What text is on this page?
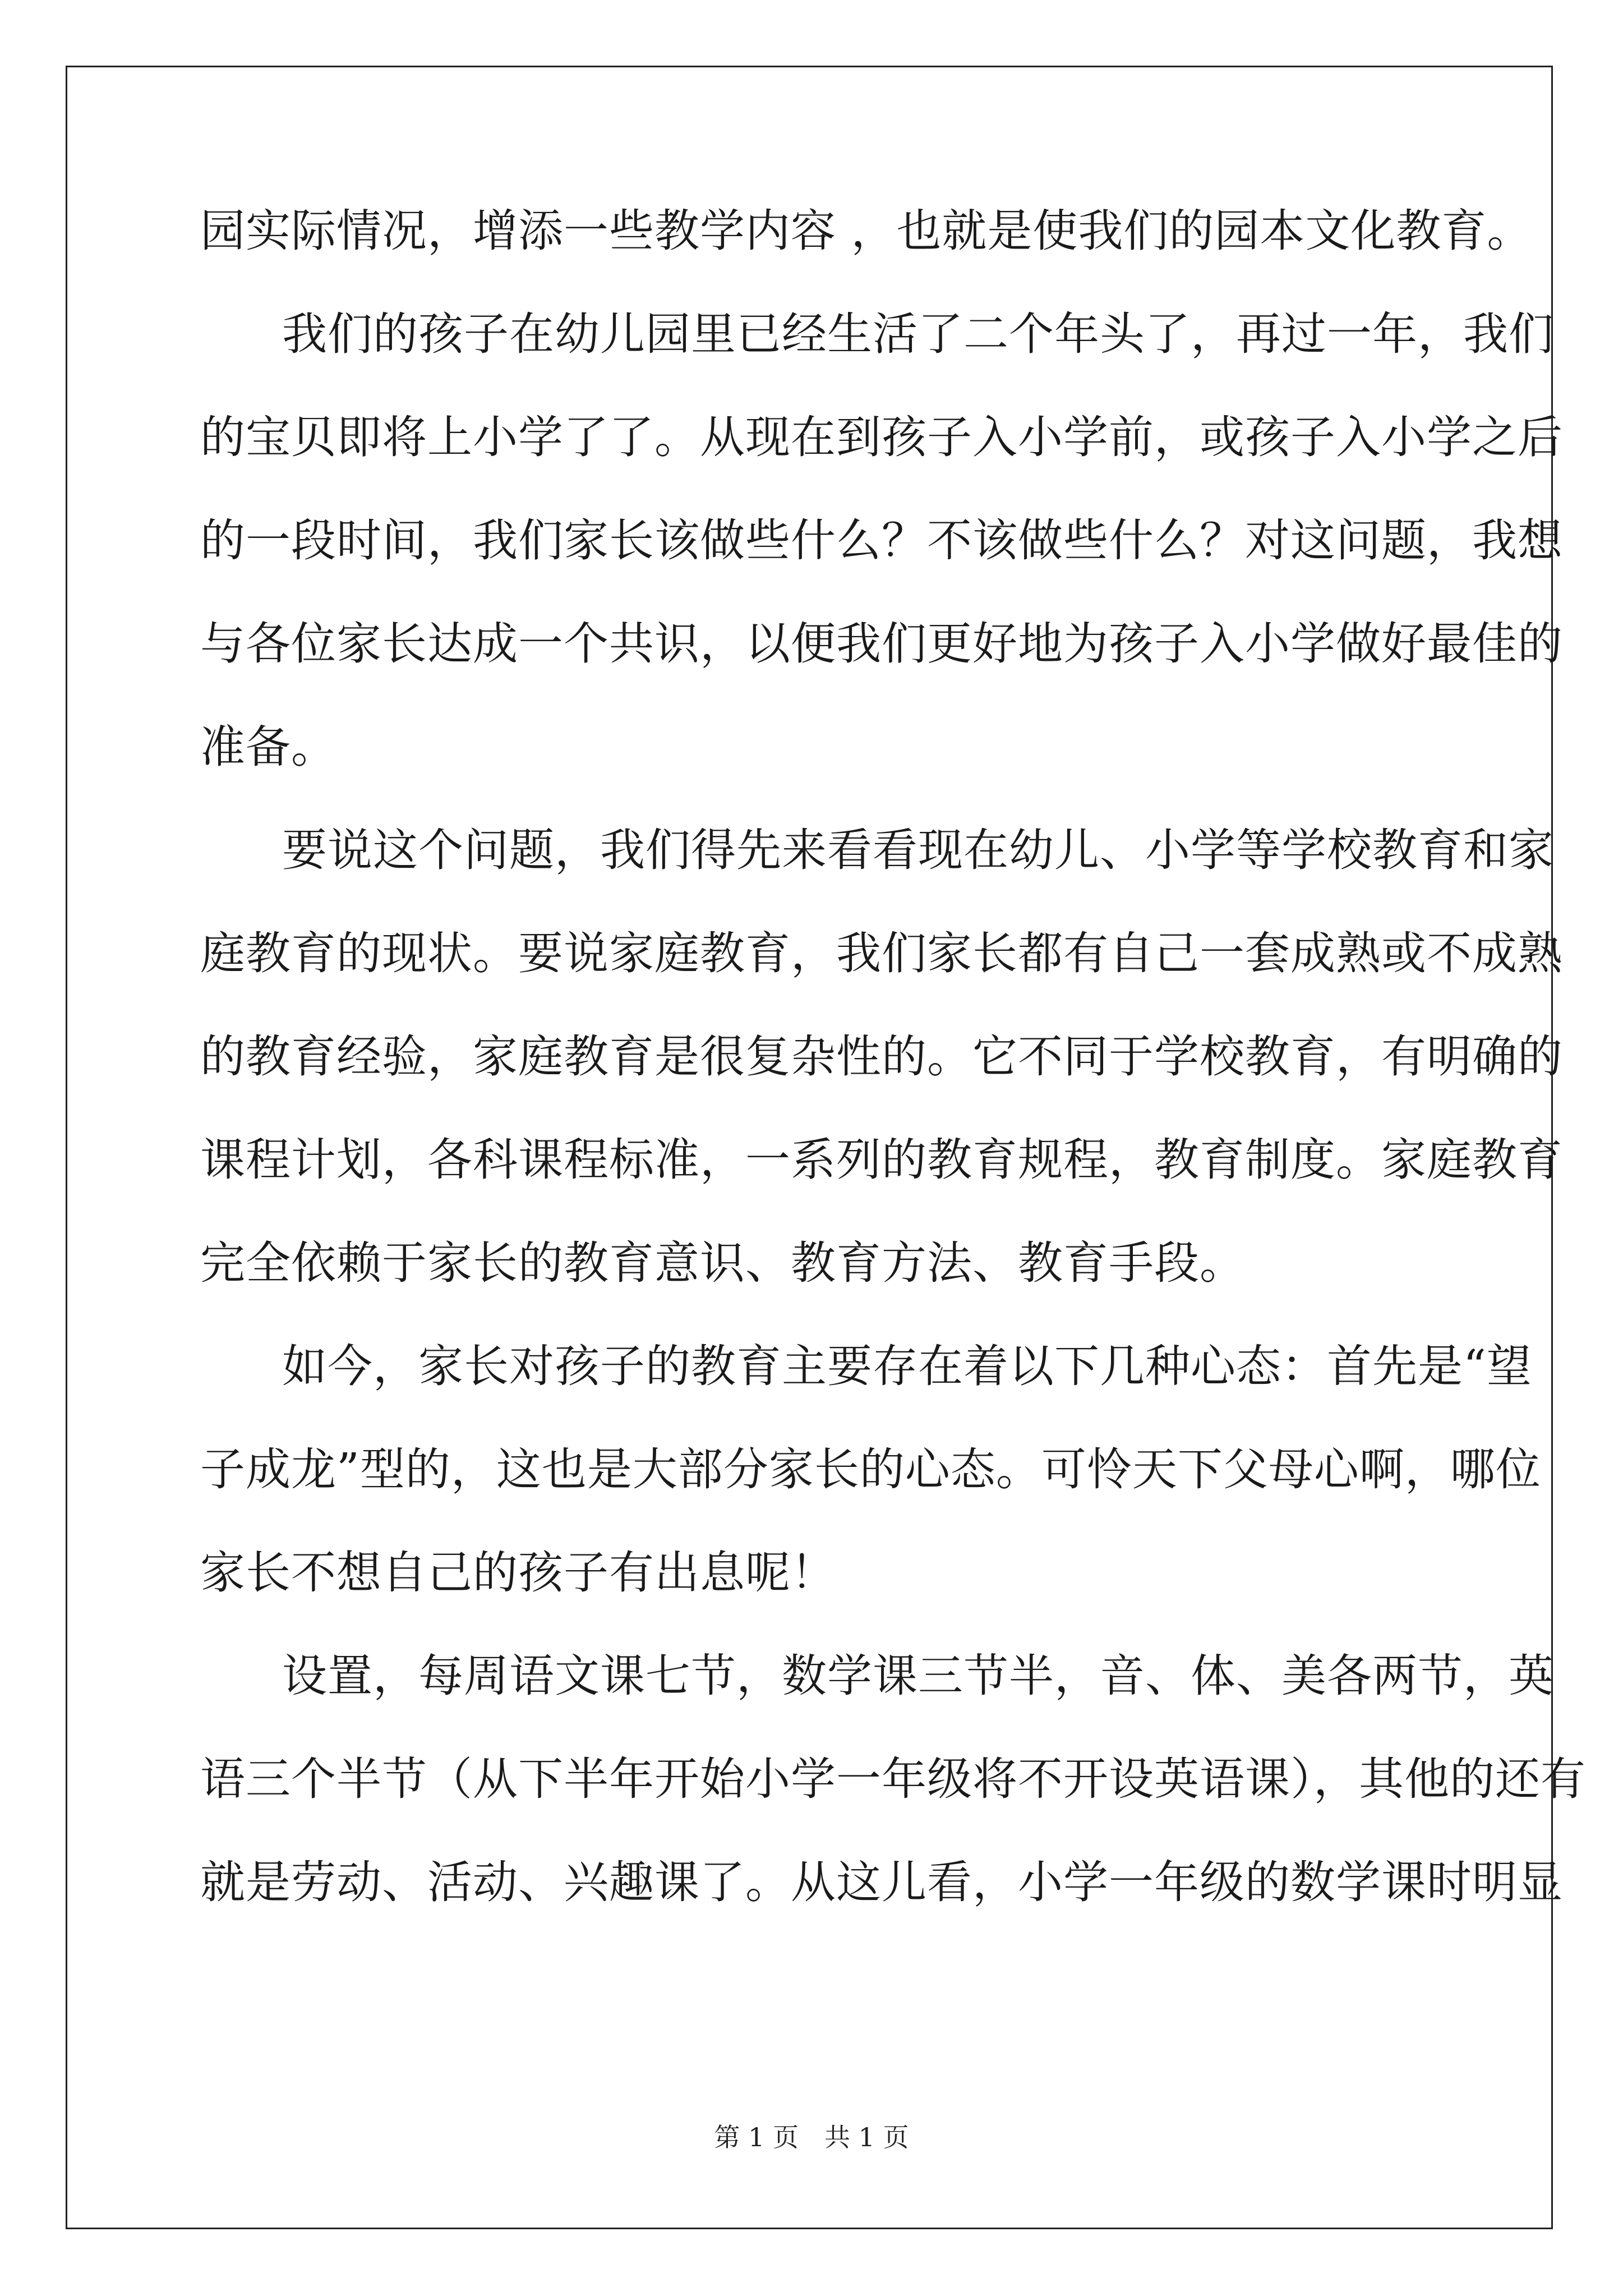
园实际情况，增添一些教学内容 ，也就是使我们的园本文化教育。
我们的孩子在幼儿园里已经生活了二个年头了，再过一年，我们
的宝贝即将上小学了了。从现在到孩子入小学前，或孩子入小学之后
的一段时间，我们家长该做些什么？不该做些什么？对这问题，我想
与各位家长达成一个共识，以便我们更好地为孩子入小学做好最佳的
准备。
要说这个问题，我们得先来看看现在幼儿、小学等学校教育和家
庭教育的现状。要说家庭教育，我们家长都有自己一套成熟或不成熟
的教育经验，家庭教育是很复杂性的。它不同于学校教育，有明确的
课程计划，各科课程标准，一系列的教育规程，教育制度。家庭教育
完全依赖于家长的教育意识、教育方法、教育手段。
如今，家长对孩子的教育主要存在着以下几种心态：首先是“望
子成龙”型的，这也是大部分家长的心态。可怜天下父母心啊，哪位
家长不想自己的孩子有出息呢！
设置，每周语文课七节，数学课三节半，音、体、美各两节，英
语三个半节（从下半年开始小学一年级将不开设英语课），其他的还有
就是劳动、活动、兴趣课了。从这儿看，小学一年级的数学课时明显
第 1 页　共 1 页
